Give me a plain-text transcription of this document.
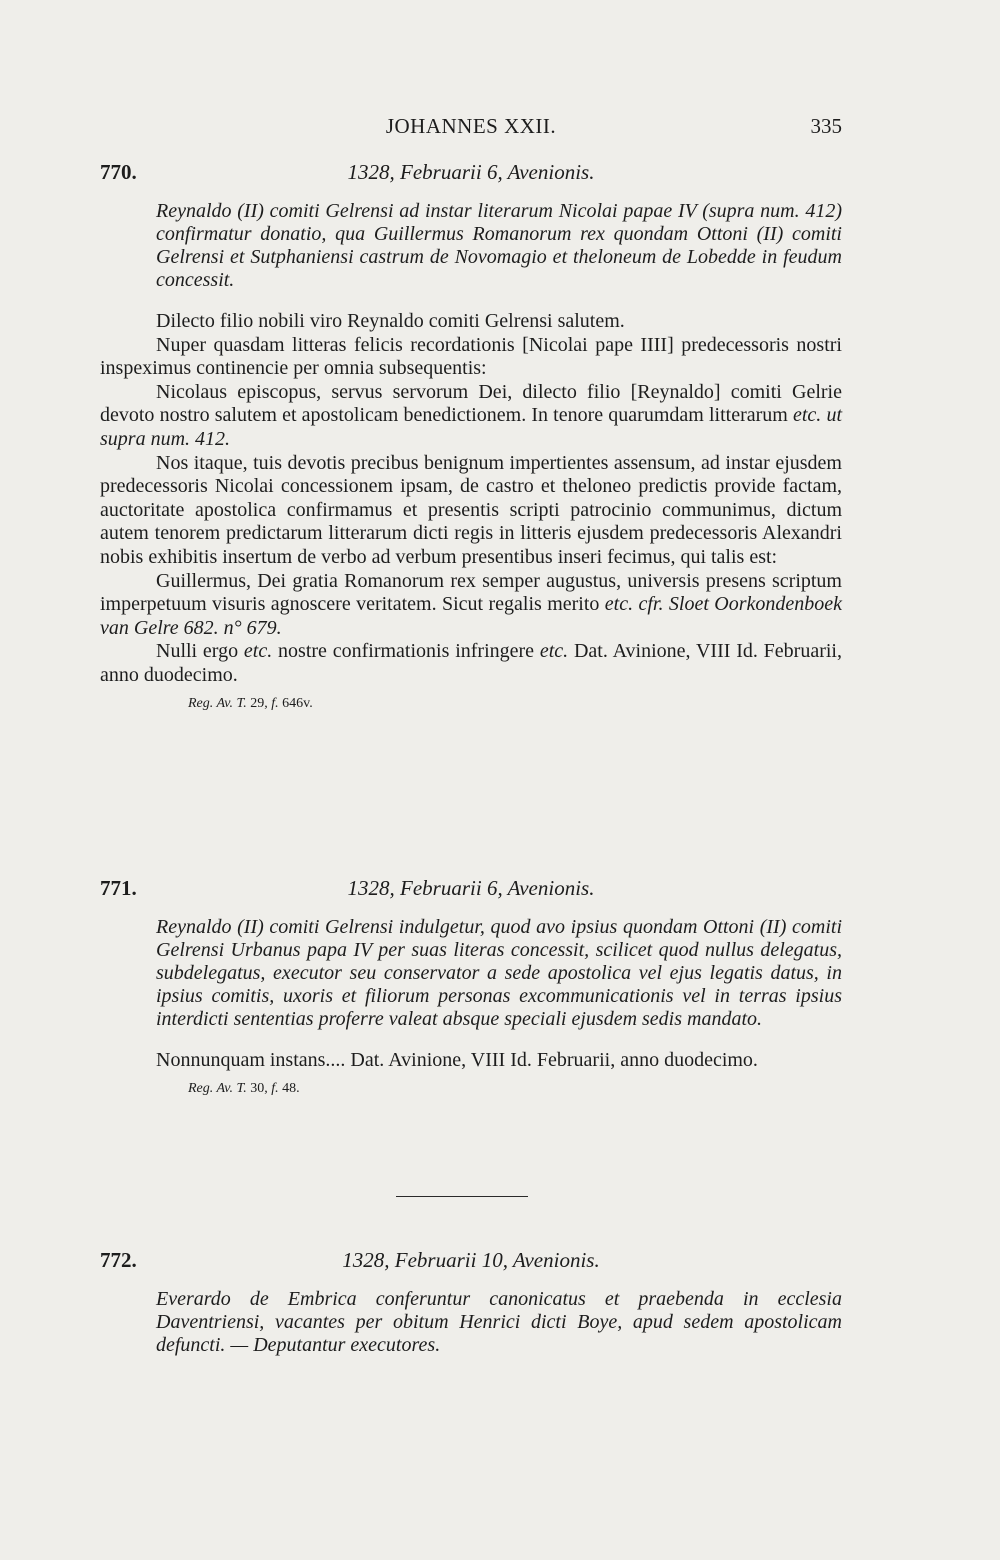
JOHANNES XXII.	335
770.	1328, Februarii 6, Avenionis.
Reynaldo (II) comiti Gelrensi ad instar literarum Nicolai papae IV (supra num. 412) confirmatur donatio, qua Guillermus Romanorum rex quondam Ottoni (II) comiti Gelrensi et Sutphaniensi castrum de Novomagio et theloneum de Lobedde in feudum concessit.

Dilecto filio nobili viro Reynaldo comiti Gelrensi salutem.

Nuper quasdam litteras felicis recordationis [Nicolai pape IIII] predecessoris nostri inspeximus continencie per omnia subsequentis:

Nicolaus episcopus, servus servorum Dei, dilecto filio [Reynaldo] comiti Gelrie devoto nostro salutem et apostolicam benedictionem. In tenore quarumdam litterarum etc. ut supra num. 412.

Nos itaque, tuis devotis precibus benignum impertientes assensum, ad instar ejusdem predecessoris Nicolai concessionem ipsam, de castro et theloneo predictis provide factam, auctoritate apostolica confirmamus et presentis scripti patrocinio communimus, dictum autem tenorem predictarum litterarum dicti regis in litteris ejusdem predecessoris Alexandri nobis exhibitis insertum de verbo ad verbum presentibus inseri fecimus, qui talis est:

Guillermus, Dei gratia Romanorum rex semper augustus, universis presens scriptum imperpetuum visuris agnoscere veritatem. Sicut regalis merito etc. cfr. Sloet Oorkondenboek van Gelre 682. n° 679.

Nulli ergo etc. nostre confirmationis infringere etc. Dat. Avinione, VIII Id. Februarii, anno duodecimo.

Reg. Av. T. 29, f. 646v.
771.	1328, Februarii 6, Avenionis.
Reynaldo (II) comiti Gelrensi indulgetur, quod avo ipsius quondam Ottoni (II) comiti Gelrensi Urbanus papa IV per suas literas concessit, scilicet quod nullus delegatus, subdelegatus, executor seu conservator a sede apostolica vel ejus legatis datus, in ipsius comitis, uxoris et filiorum personas excommunicationis vel in terras ipsius interdicti sententias proferre valeat absque speciali ejusdem sedis mandato.

Nonnunquam instans.... Dat. Avinione, VIII Id. Februarii, anno duodecimo.

Reg. Av. T. 30, f. 48.
772.	1328, Februarii 10, Avenionis.
Everardo de Embrica conferuntur canonicatus et praebenda in ecclesia Daventriensi, vacantes per obitum Henrici dicti Boye, apud sedem apostolicam defuncti. — Deputantur executores.
